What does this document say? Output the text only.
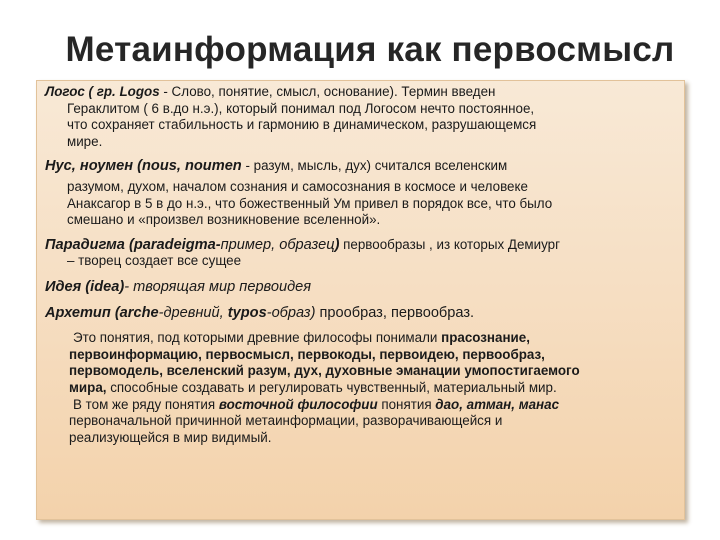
Метаинформация как первосмысл
Логос ( гр. Logos - Слово, понятие, смысл, основание). Термин введен
Гераклитом ( 6 в.до н.э.), который понимал под Логосом нечто постоянное,
что сохраняет стабильность и гармонию в динамическом, разрушающемся
мире.
Нус, ноумен (nous, noumen - разум, мысль, дух) считался вселенским
разумом, духом, началом сознания и самосознания в космосе и человеке
Анаксагор в 5 в до н.э., что божественный Ум привел в порядок все, что было
смешано и «произвел возникновение вселенной».
Парадигма (paradeigma-пример, образец) первообразы , из которых Демиург
– творец создает все сущее
Идея (idea)- творящая мир первоидея
Архетип (arche-древний, typos-образ) прообраз, первообраз.
Это понятия, под которыми древние философы понимали прасознание,
первоинформацию, первосмысл, первокоды, первоидею, первообраз,
первомодель, вселенский разум, дух, духовные эманации умопостигаемого
мира, способные создавать и регулировать чувственный, материальный мир.
В том же ряду понятия восточной философии понятия дао, атман, манас
первоначальной причинной метаинформации, разворачивающейся и
реализующейся в мир видимый.
